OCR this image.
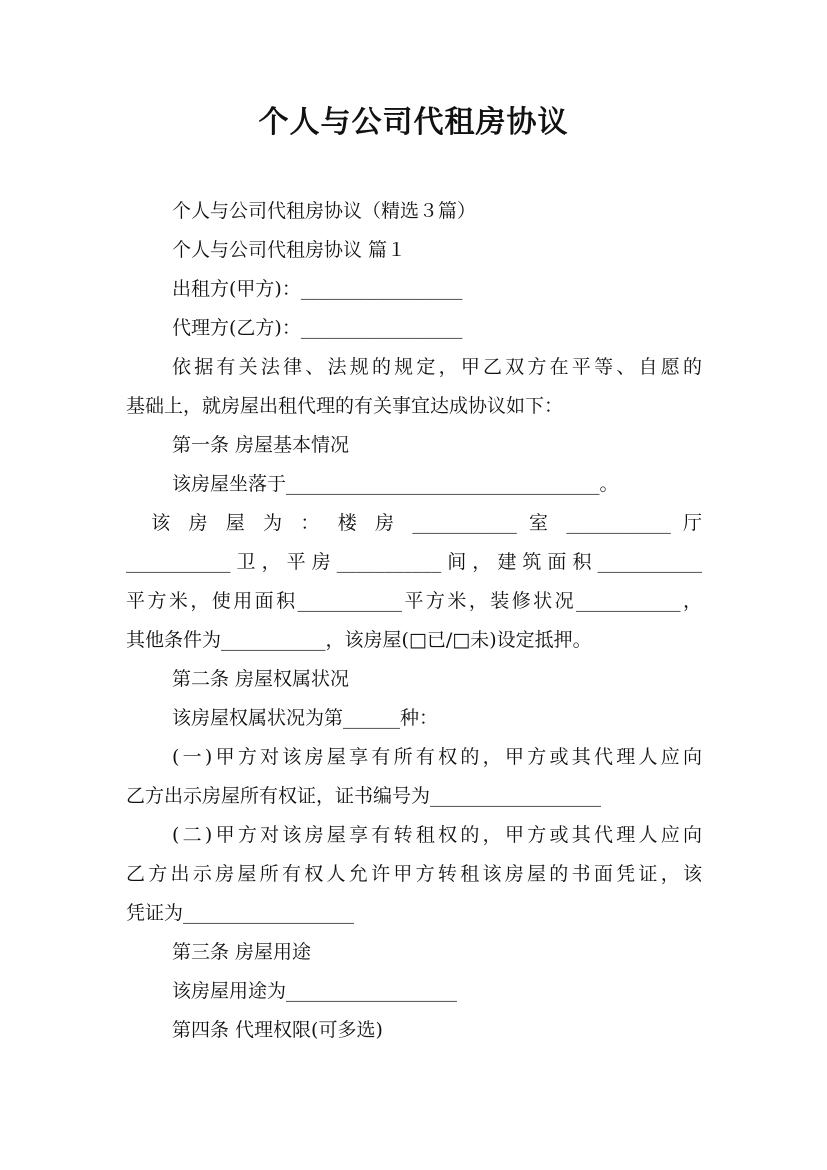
个人与公司代租房协议
个人与公司代租房协议（精选３篇）
个人与公司代租房协议 篇１
出租方(甲方)：_________________
代理方(乙方)：_________________
依据有关法律、法规的规定，甲乙双方在平等、自愿的
基础上，就房屋出租代理的有关事宜达成协议如下：
第一条 房屋基本情况
该房屋坐落于_________________________________。
　该 房 屋 为 ： 楼 房 ___________ 室 ___________ 厅
___________卫，平房___________间，建筑面积___________
平方米，使用面积___________平方米，装修状况___________，
其他条件为___________，该房屋(□已/□未)设定抵押。
第二条 房屋权属状况
该房屋权属状况为第______种：
(一)甲方对该房屋享有所有权的，甲方或其代理人应向
乙方出示房屋所有权证，证书编号为__________________
(二)甲方对该房屋享有转租权的，甲方或其代理人应向
乙方出示房屋所有权人允许甲方转租该房屋的书面凭证，该
凭证为__________________
第三条 房屋用途
该房屋用途为__________________
第四条 代理权限(可多选)
